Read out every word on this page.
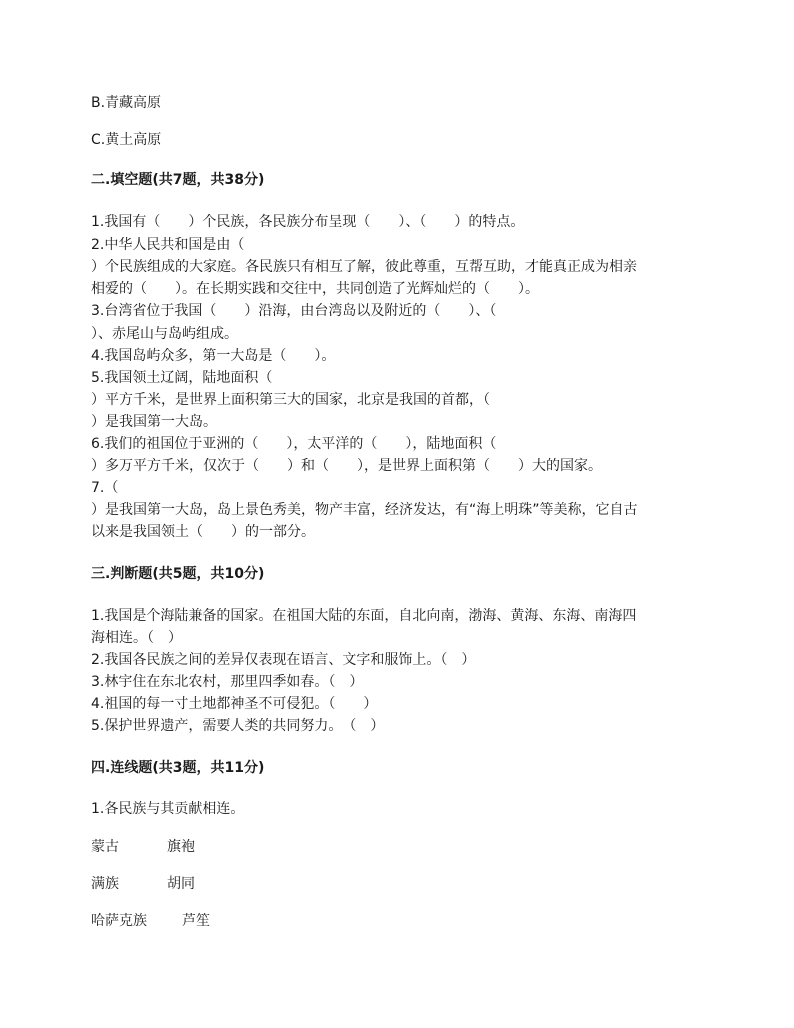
B.青藏高原
C.黄土高原
二.填空题(共7题，共38分)
1.我国有（　　）个民族，各民族分布呈现（　　）、（　　）的特点。
2.中华人民共和国是由（
）个民族组成的大家庭。各民族只有相互了解，彼此尊重，互帮互助，才能真正成为相亲
相爱的（　　）。在长期实践和交往中，共同创造了光辉灿烂的（　　）。
3.台湾省位于我国（　　）沿海，由台湾岛以及附近的（　　）、（
）、赤尾山与岛屿组成。
4.我国岛屿众多，第一大岛是（　　）。
5.我国领土辽阔，陆地面积（
）平方千米，是世界上面积第三大的国家，北京是我国的首都，（
）是我国第一大岛。
6.我们的祖国位于亚洲的（　　），太平洋的（　　），陆地面积（
）多万平方千米，仅次于（　　）和（　　），是世界上面积第（　　）大的国家。
7.（
）是我国第一大岛，岛上景色秀美，物产丰富，经济发达，有“海上明珠”等美称，它自古
以来是我国领土（　　）的一部分。
三.判断题(共5题，共10分)
1.我国是个海陆兼备的国家。在祖国大陆的东面，自北向南，渤海、黄海、东海、南海四
海相连。（　）
2.我国各民族之间的差异仅表现在语言、文字和服饰上。（　）
3.林宇住在东北农村，那里四季如春。（　）
4.祖国的每一寸土地都神圣不可侵犯。（　　）
5.保护世界遗产，需要人类的共同努力。　（　）
四.连线题(共3题，共11分)
1.各民族与其贡献相连。
蒙古	旗袍
满族	胡同
哈萨克族	芦笙
